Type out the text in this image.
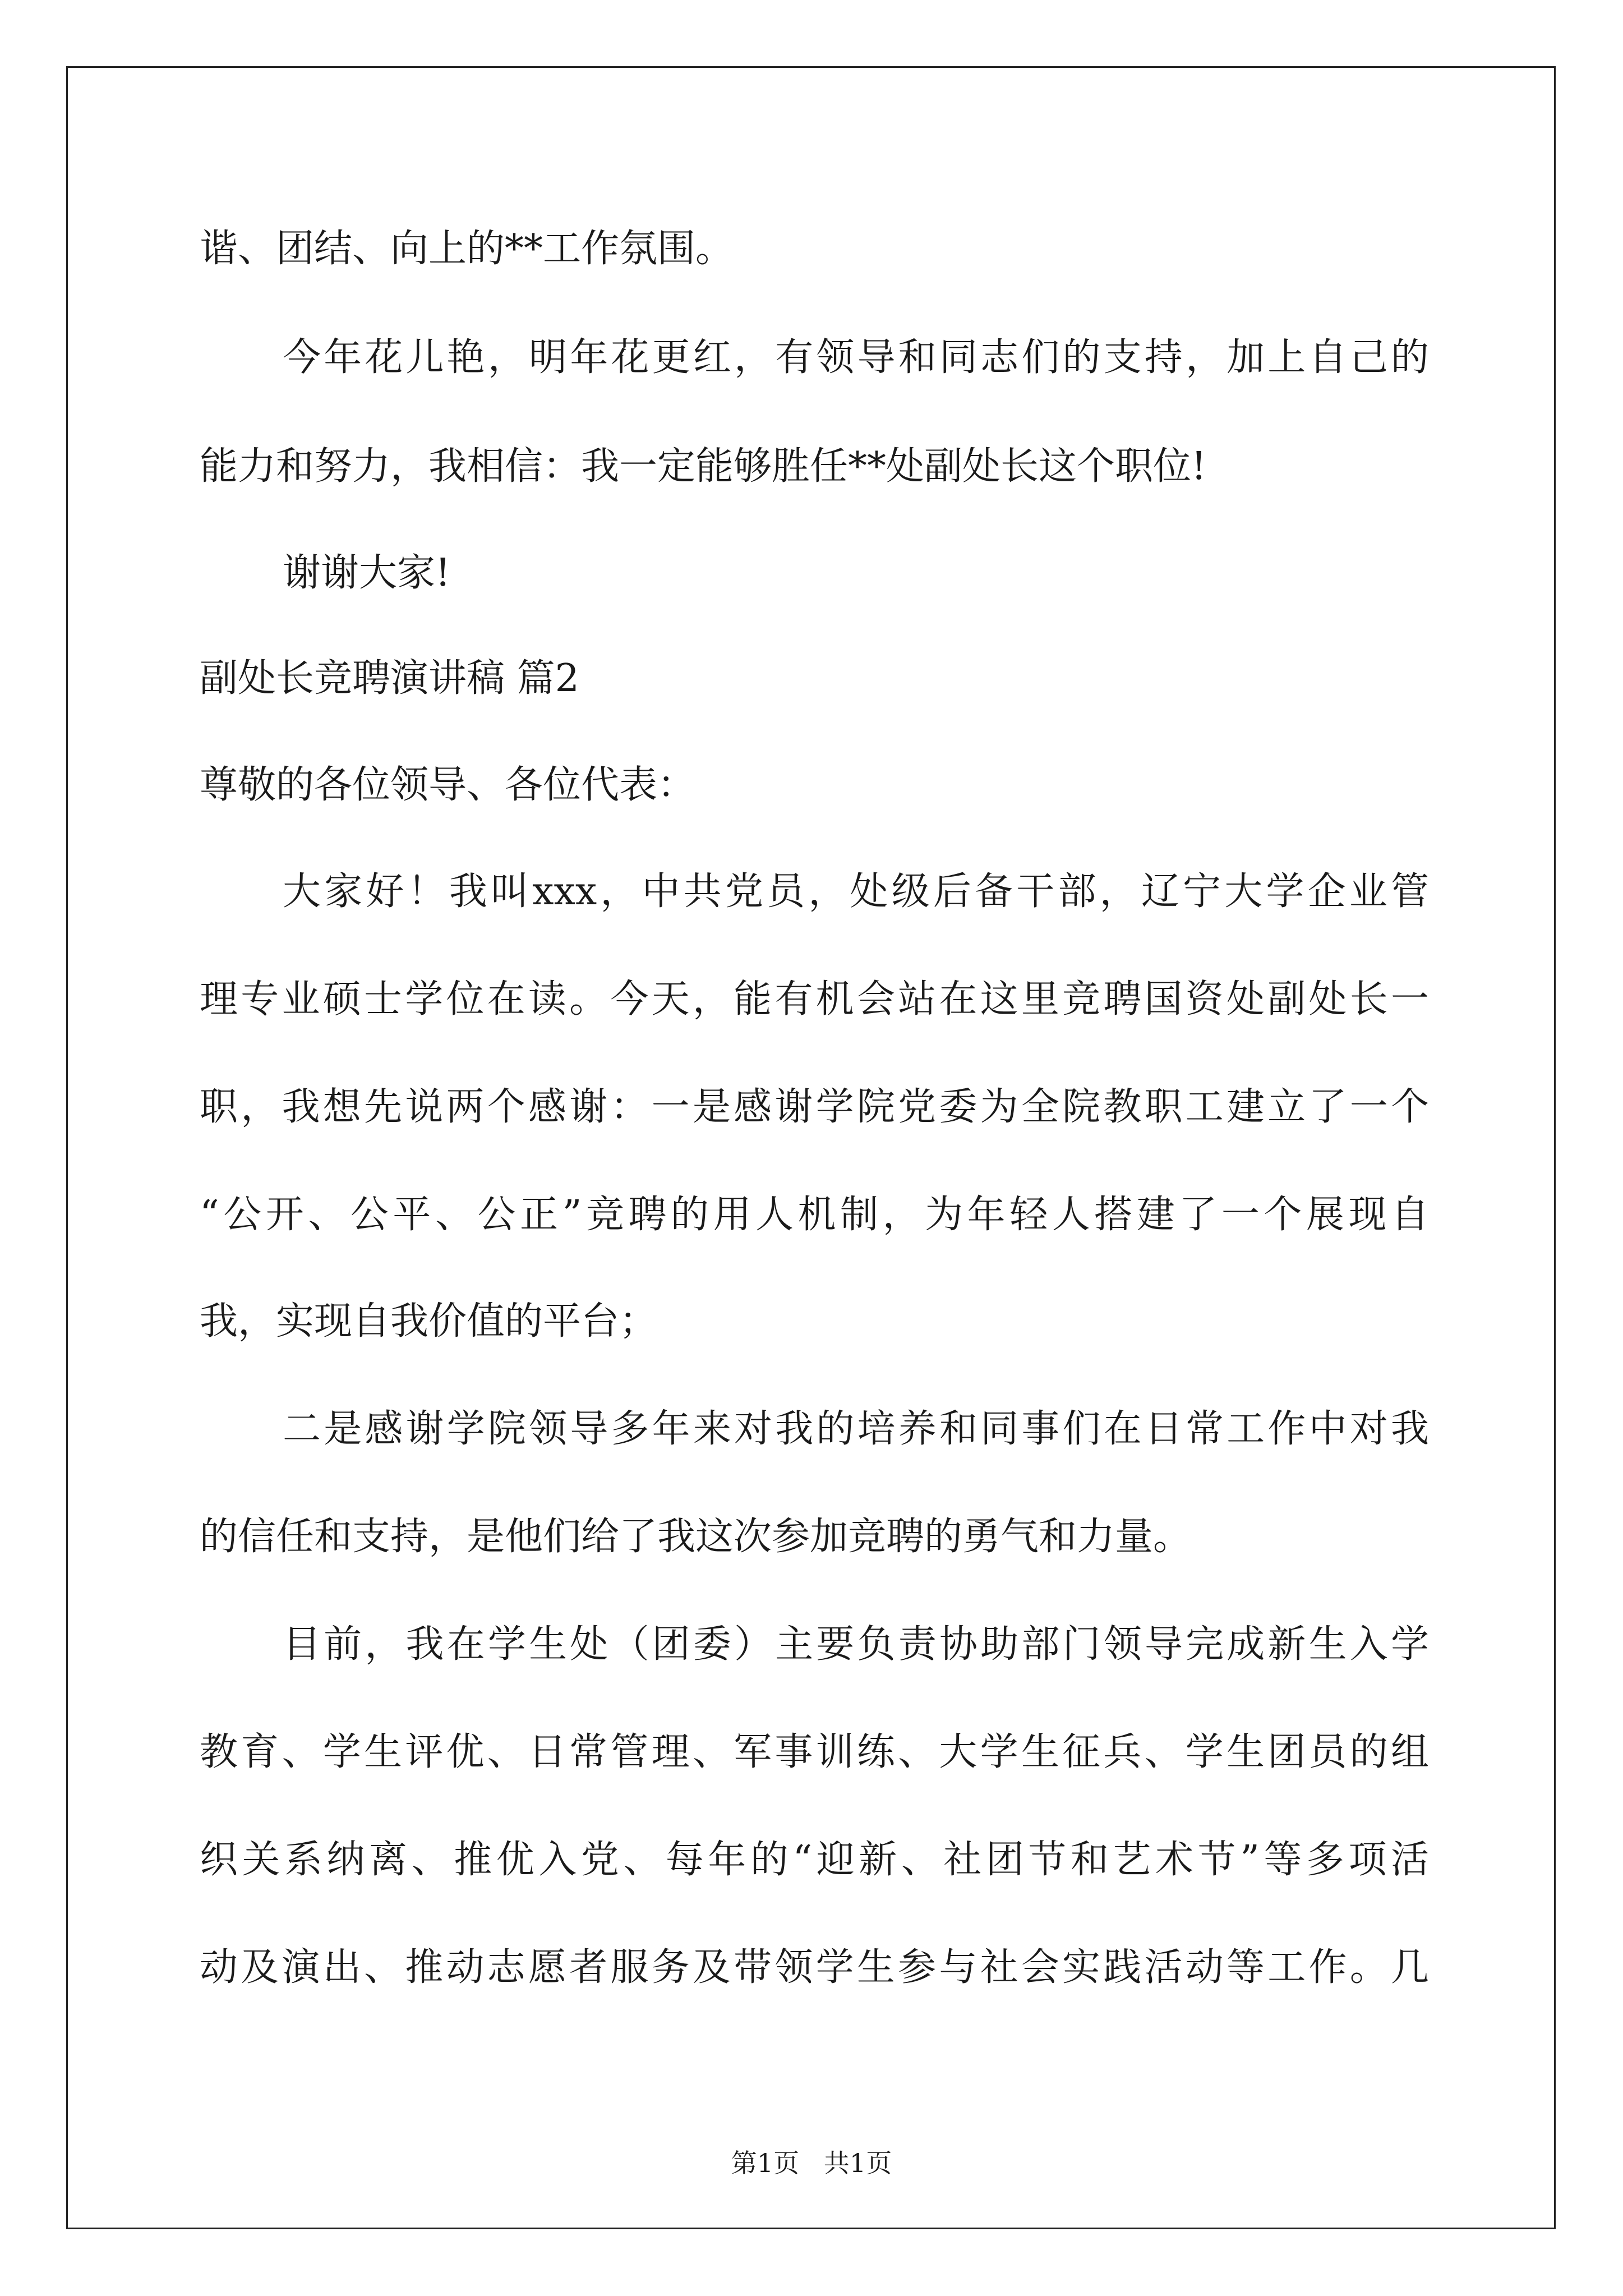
谐、团结、向上的**工作氛围。
今年花儿艳，明年花更红，有领导和同志们的支持，加上自己的
能力和努力，我相信：我一定能够胜任**处副处长这个职位!
谢谢大家!
副处长竞聘演讲稿 篇2
尊敬的各位领导、各位代表：
大家好！我叫xxx，中共党员，处级后备干部，辽宁大学企业管
理专业硕士学位在读。今天，能有机会站在这里竞聘国资处副处长一
职，我想先说两个感谢：一是感谢学院党委为全院教职工建立了一个
“公开、公平、公正”竞聘的用人机制，为年轻人搭建了一个展现自
我，实现自我价值的平台；
二是感谢学院领导多年来对我的培养和同事们在日常工作中对我
的信任和支持，是他们给了我这次参加竞聘的勇气和力量。
目前，我在学生处（团委）主要负责协助部门领导完成新生入学
教育、学生评优、日常管理、军事训练、大学生征兵、学生团员的组
织关系纳离、推优入党、每年的“迎新、社团节和艺术节”等多项活
动及演出、推动志愿者服务及带领学生参与社会实践活动等工作。几
第1页   共1页
